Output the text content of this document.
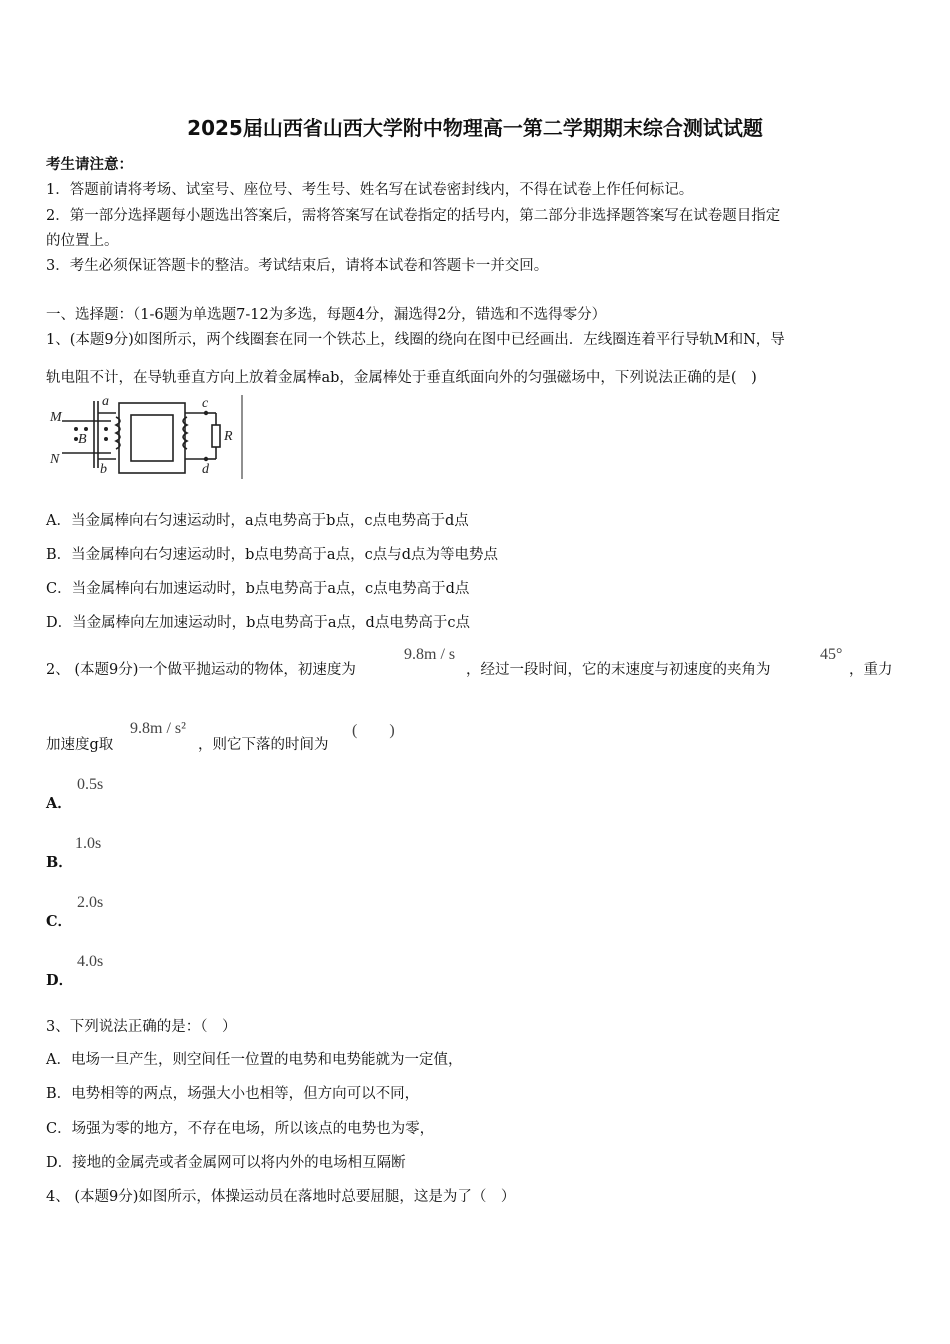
2025届山西省山西大学附中物理高一第二学期期末综合测试试题
考生请注意：
1．答题前请将考场、试室号、座位号、考生号、姓名写在试卷密封线内，不得在试卷上作任何标记。
2．第一部分选择题每小题选出答案后，需将答案写在试卷指定的括号内，第二部分非选择题答案写在试卷题目指定
的位置上。
3．考生必须保证答题卡的整洁。考试结束后，请将本试卷和答题卡一并交回。
一、选择题：（1-6题为单选题7-12为多选，每题4分，漏选得2分，错选和不选得零分）
1、(本题9分)如图所示，两个线圈套在同一个铁芯上，线圈的绕向在图中已经画出．左线圈连着平行导轨M和N，导
轨电阻不计，在导轨垂直方向上放着金属棒ab，金属棒处于垂直纸面向外的匀强磁场中，下列说法正确的是(　)
M
N
a
b
c
d
B	R
A．当金属棒向右匀速运动时，a点电势高于b点，c点电势高于d点
B．当金属棒向右匀速运动时，b点电势高于a点，c点与d点为等电势点
C．当金属棒向右加速运动时，b点电势高于a点，c点电势高于d点
D．当金属棒向左加速运动时，b点电势高于a点，d点电势高于c点
2、 (本题9分)一个做平抛运动的物体，初速度为
9.8m / s
，经过一段时间，它的末速度与初速度的夹角为
45°
，重力
加速度g取
9.8m / s²
，则它下落的时间为
(　　)
A．
0.5s
B．
1.0s
C．
2.0s
D．
4.0s
3、下列说法正确的是：（　）
A．电场一旦产生，则空间任一位置的电势和电势能就为一定值，
B．电势相等的两点，场强大小也相等，但方向可以不同，
C．场强为零的地方，不存在电场，所以该点的电势也为零，
D．接地的金属壳或者金属网可以将内外的电场相互隔断
4、 (本题9分)如图所示，体操运动员在落地时总要屈腿，这是为了（　）
